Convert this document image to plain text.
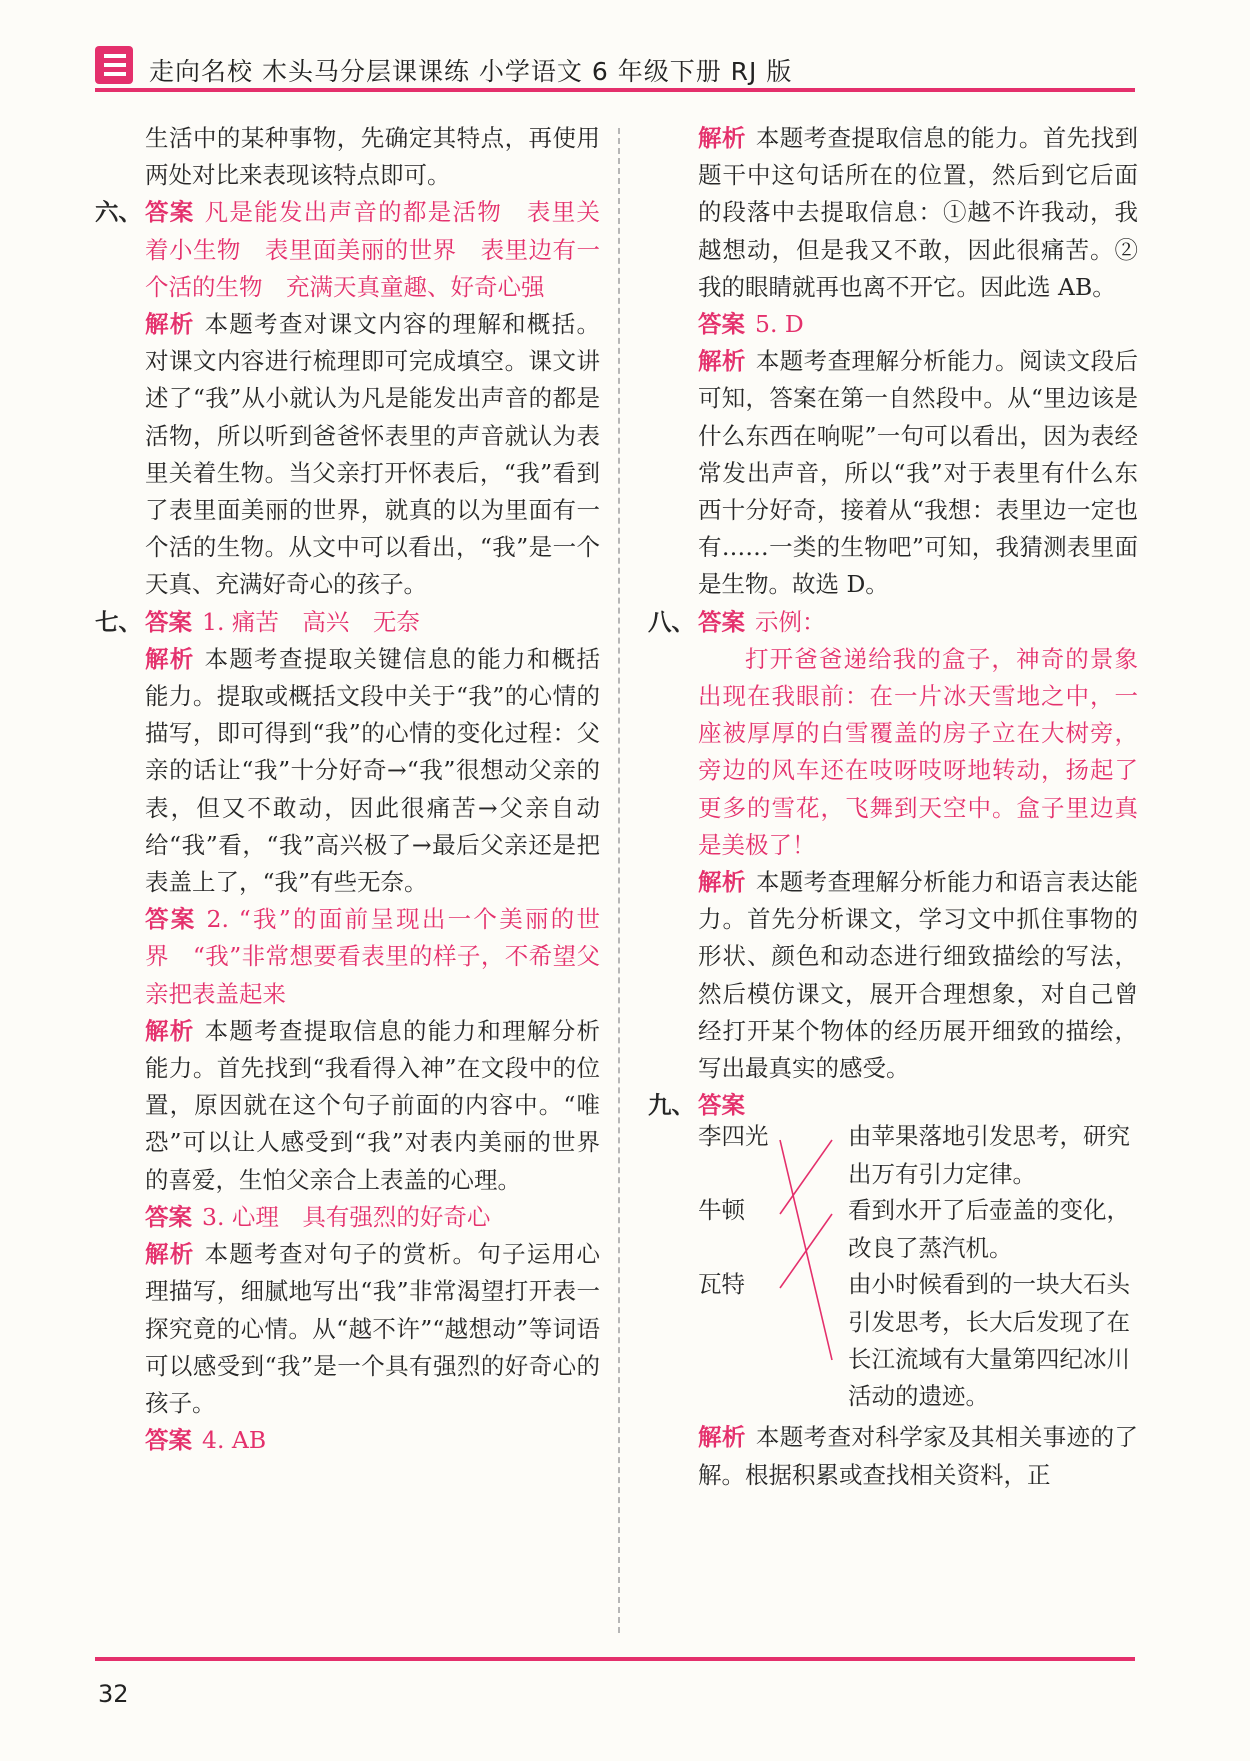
走向名校 木头马分层课课练 小学语文 6 年级下册 RJ 版

生活中的某种事物，先确定其特点，再使用两处对比来表现该特点即可。

六、 答案 凡是能发出声音的都是活物　表里关着小生物　表里面美丽的世界　表里边有一个活的生物　充满天真童趣、好奇心强

解析 本题考查对课文内容的理解和概括。对课文内容进行梳理即可完成填空。课文讲述了“我”从小就认为凡是能发出声音的都是活物，所以听到爸爸怀表里的声音就认为表里关着生物。当父亲打开怀表后，“我”看到了表里面美丽的世界，就真的以为里面有一个活的生物。从文中可以看出，“我”是一个天真、充满好奇心的孩子。

七、 答案 1. 痛苦　高兴　无奈

解析 本题考查提取关键信息的能力和概括能力。提取或概括文段中关于“我”的心情的描写，即可得到“我”的心情的变化过程：父亲的话让“我”十分好奇→“我”很想动父亲的表，但又不敢动，因此很痛苦→父亲自动给“我”看，“我”高兴极了→最后父亲还是把表盖上了，“我”有些无奈。

答案 2. “我”的面前呈现出一个美丽的世界　“我”非常想要看表里的样子，不希望父亲把表盖起来

解析 本题考查提取信息的能力和理解分析能力。首先找到“我看得入神”在文段中的位置，原因就在这个句子前面的内容中。“唯恐”可以让人感受到“我”对表内美丽的世界的喜爱，生怕父亲合上表盖的心理。

答案 3. 心理　具有强烈的好奇心

解析 本题考查对句子的赏析。句子运用心理描写，细腻地写出“我”非常渴望打开表一探究竟的心情。从“越不许”“越想动”等词语可以感受到“我”是一个具有强烈的好奇心的孩子。

答案 4. AB

解析 本题考查提取信息的能力。首先找到题干中这句话所在的位置，然后到它后面的段落中去提取信息：①越不许我动，我越想动，但是我又不敢，因此很痛苦。②我的眼睛就再也离不开它。因此选 AB。

答案 5. D

解析 本题考查理解分析能力。阅读文段后可知，答案在第一自然段中。从“里边该是什么东西在响呢”一句可以看出，因为表经常发出声音，所以“我”对于表里有什么东西十分好奇，接着从“我想：表里边一定也有……一类的生物吧”可知，我猜测表里面是生物。故选 D。

八、 答案 示例：

打开爸爸递给我的盒子，神奇的景象出现在我眼前：在一片冰天雪地之中，一座被厚厚的白雪覆盖的房子立在大树旁，旁边的风车还在吱呀吱呀地转动，扬起了更多的雪花，飞舞到天空中。盒子里边真是美极了！

解析 本题考查理解分析能力和语言表达能力。首先分析课文，学习文中抓住事物的形状、颜色和动态进行细致描绘的写法，然后模仿课文，展开合理想象，对自己曾经打开某个物体的经历展开细致的描绘，写出最真实的感受。

九、 答案

李四光
牛顿
瓦特
由苹果落地引发思考，研究出万有引力定律。
看到水开了后壶盖的变化，改良了蒸汽机。
由小时候看到的一块大石头引发思考，长大后发现了在长江流域有大量第四纪冰川活动的遗迹。

解析 本题考查对科学家及其相关事迹的了解。根据积累或查找相关资料，正

32
